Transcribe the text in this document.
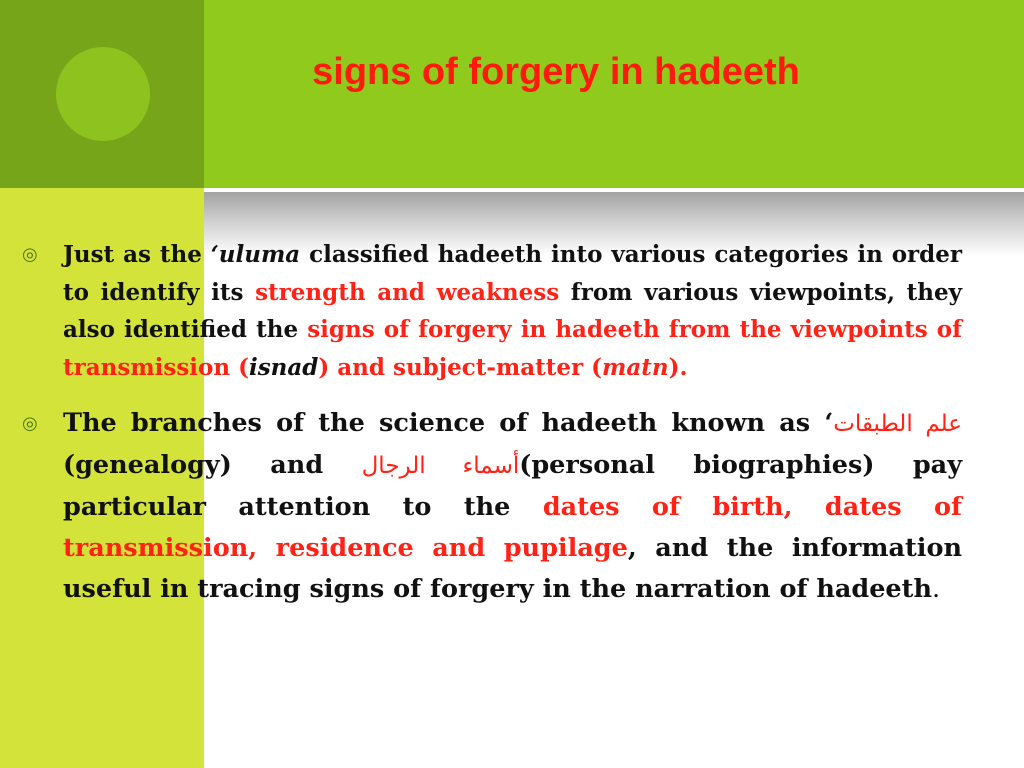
signs of forgery in hadeeth
◎ Just as the ‘uluma classified hadeeth into various categories in order to identify its strength and weakness from various viewpoints, they also identified the signs of forgery in hadeeth from the viewpoints of transmission (isnad) and subject-matter (matn).
◎ The branches of the science of hadeeth known as ‘علم الطبقات (genealogy) and أسماء الرجال(personal biographies) pay particular attention to the dates of birth, dates of transmission, residence and pupilage, and the information useful in tracing signs of forgery in the narration of hadeeth.
